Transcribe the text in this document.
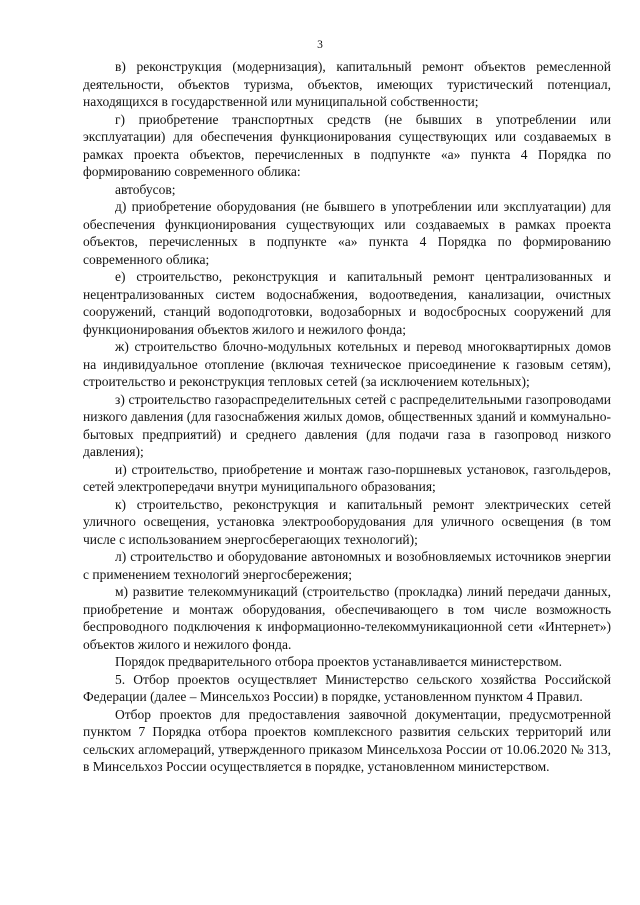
3

в) реконструкция (модернизация), капитальный ремонт объектов ремесленной деятельности, объектов туризма, объектов, имеющих туристический потенциал, находящихся в государственной или муниципальной собственности;

г) приобретение транспортных средств (не бывших в употреблении или эксплуатации) для обеспечения функционирования существующих или создаваемых в рамках проекта объектов, перечисленных в подпункте «а» пункта 4 Порядка по формированию современного облика:

автобусов;

д) приобретение оборудования (не бывшего в употреблении или эксплуатации) для обеспечения функционирования существующих или создаваемых в рамках проекта объектов, перечисленных в подпункте «а» пункта 4 Порядка по формированию современного облика;

е) строительство, реконструкция и капитальный ремонт централизованных и нецентрализованных систем водоснабжения, водоотведения, канализации, очистных сооружений, станций водоподготовки, водозаборных и водосбросных сооружений для функционирования объектов жилого и нежилого фонда;

ж) строительство блочно-модульных котельных и перевод многоквартирных домов на индивидуальное отопление (включая техническое присоединение к газовым сетям), строительство и реконструкция тепловых сетей (за исключением котельных);

з) строительство газораспределительных сетей с распределительными газопроводами низкого давления (для газоснабжения жилых домов, общественных зданий и коммунально-бытовых предприятий) и среднего давления (для подачи газа в газопровод низкого давления);

и) строительство, приобретение и монтаж газо-поршневых установок, газгольдеров, сетей электропередачи внутри муниципального образования;

к) строительство, реконструкция и капитальный ремонт электрических сетей уличного освещения, установка электрооборудования для уличного освещения (в том числе с использованием энергосберегающих технологий);

л) строительство и оборудование автономных и возобновляемых источников энергии с применением технологий энергосбережения;

м) развитие телекоммуникаций (строительство (прокладка) линий передачи данных, приобретение и монтаж оборудования, обеспечивающего в том числе возможность беспроводного подключения к информационно-телекоммуникационной сети «Интернет») объектов жилого и нежилого фонда.

Порядок предварительного отбора проектов устанавливается министерством.

5. Отбор проектов осуществляет Министерство сельского хозяйства Российской Федерации (далее – Минсельхоз России) в порядке, установленном пунктом 4 Правил.

Отбор проектов для предоставления заявочной документации, предусмотренной пунктом 7 Порядка отбора проектов комплексного развития сельских территорий или сельских агломераций, утвержденного приказом Минсельхоза России от 10.06.2020 № 313, в Минсельхоз России осуществляется в порядке, установленном министерством.
